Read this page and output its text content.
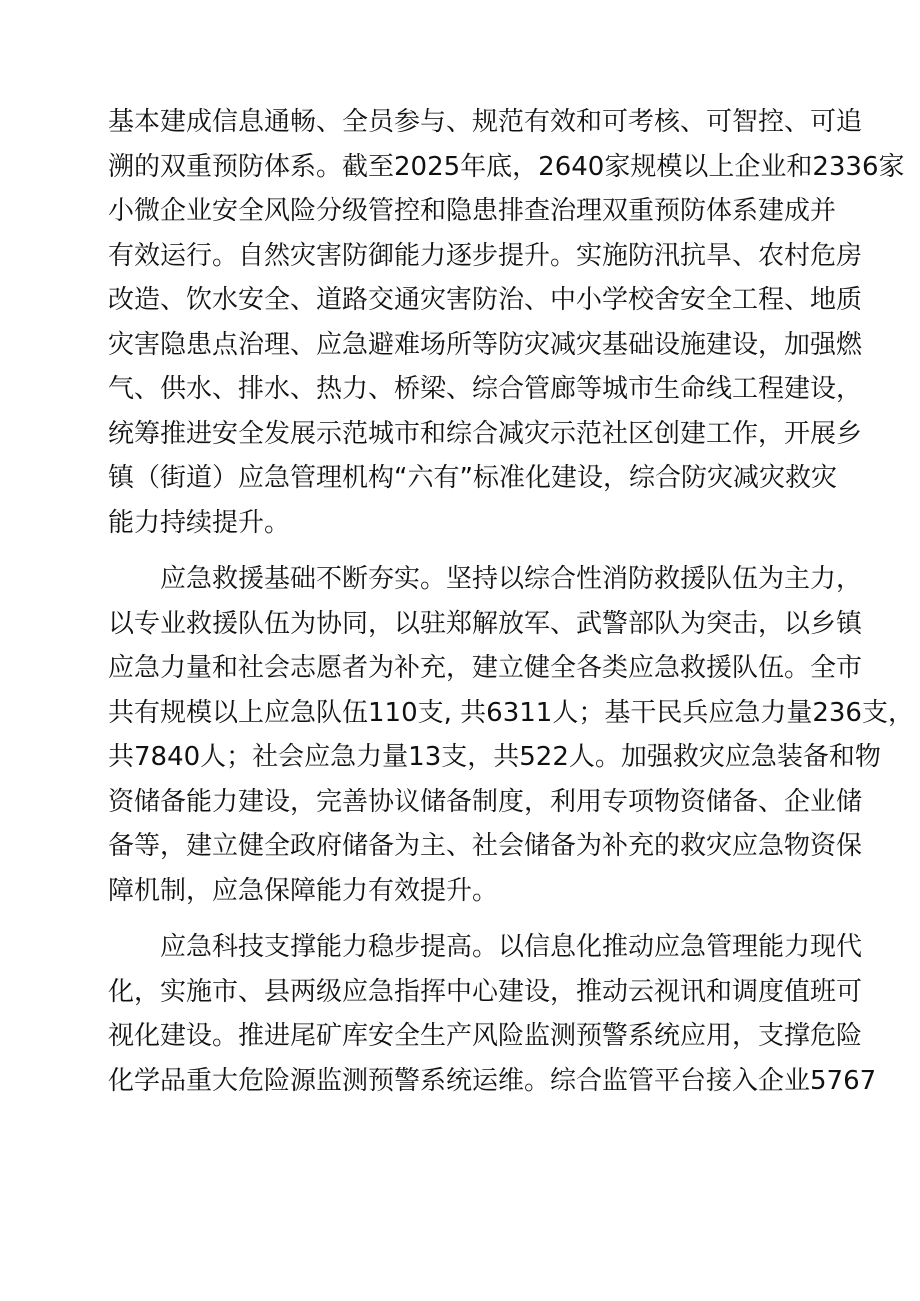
基本建成信息通畅、全员参与、规范有效和可考核、可智控、可追
溯的双重预防体系。截至2025年底，2640家规模以上企业和2336家
小微企业安全风险分级管控和隐患排查治理双重预防体系建成并
有效运行。自然灾害防御能力逐步提升。实施防汛抗旱、农村危房
改造、饮水安全、道路交通灾害防治、中小学校舍安全工程、地质
灾害隐患点治理、应急避难场所等防灾减灾基础设施建设，加强燃
气、供水、排水、热力、桥梁、综合管廊等城市生命线工程建设，
统筹推进安全发展示范城市和综合减灾示范社区创建工作，开展乡
镇（街道）应急管理机构“六有”标准化建设，综合防灾减灾救灾
能力持续提升。
应急救援基础不断夯实。坚持以综合性消防救援队伍为主力，
以专业救援队伍为协同，以驻郑解放军、武警部队为突击，以乡镇
应急力量和社会志愿者为补充，建立健全各类应急救援队伍。全市
共有规模以上应急队伍110支, 共6311人；基干民兵应急力量236支，
共7840人；社会应急力量13支，共522人。加强救灾应急装备和物
资储备能力建设，完善协议储备制度，利用专项物资储备、企业储
备等，建立健全政府储备为主、社会储备为补充的救灾应急物资保
障机制，应急保障能力有效提升。
应急科技支撑能力稳步提高。以信息化推动应急管理能力现代
化，实施市、县两级应急指挥中心建设，推动云视讯和调度值班可
视化建设。推进尾矿库安全生产风险监测预警系统应用，支撑危险
化学品重大危险源监测预警系统运维。综合监管平台接入企业5767
